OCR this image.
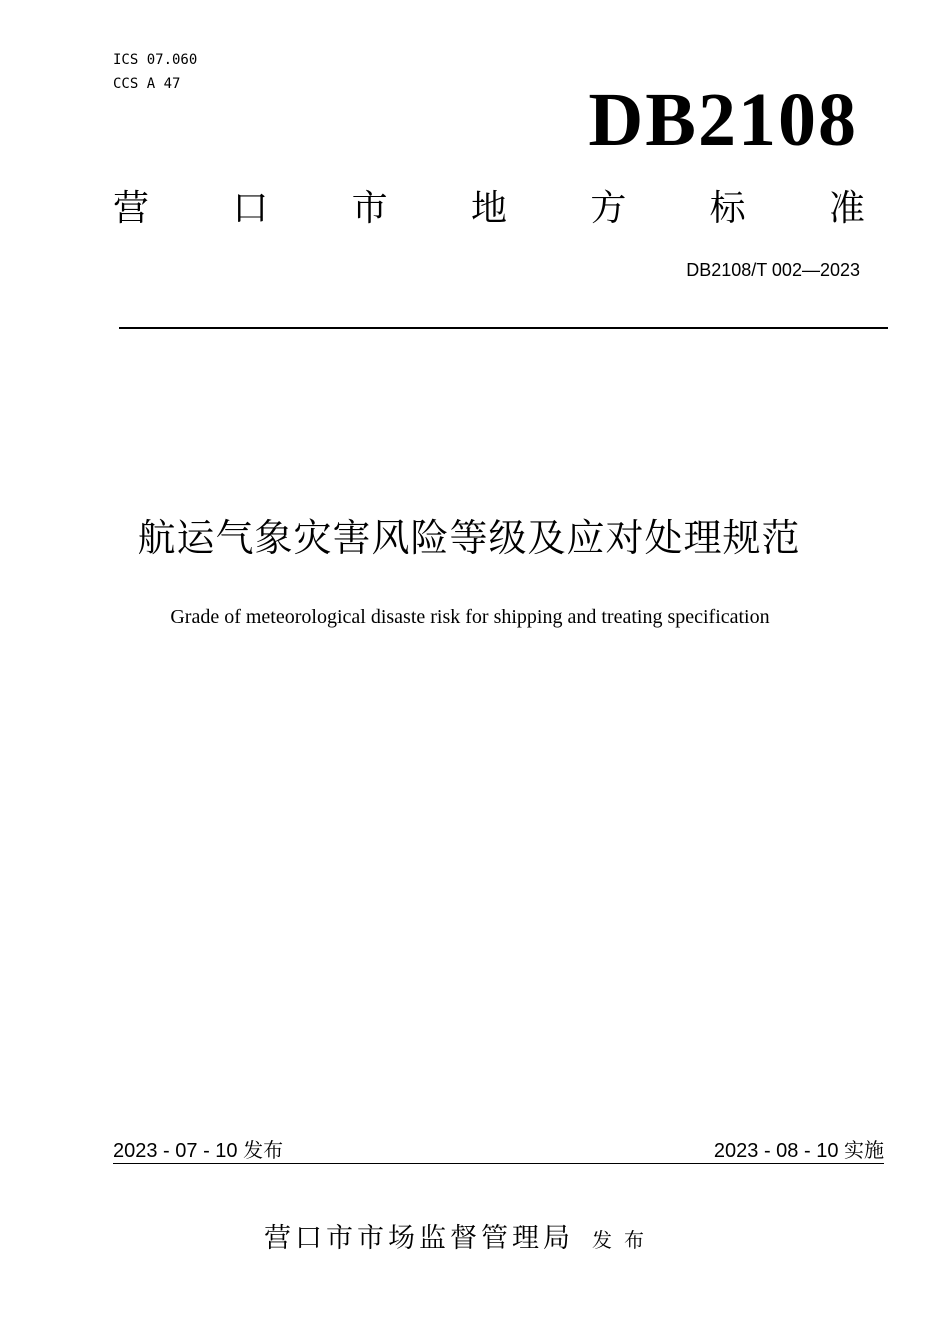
ICS 07.060
CCS A 47	DB2108
营 口 市 地 方 标 准
DB2108/T 002—2023
航运气象灾害风险等级及应对处理规范
Grade of meteorological disaste risk for shipping and treating specification
2023 - 07 - 10 发布	2023 - 08 - 10 实施
营口市市场监督管理局 发布
